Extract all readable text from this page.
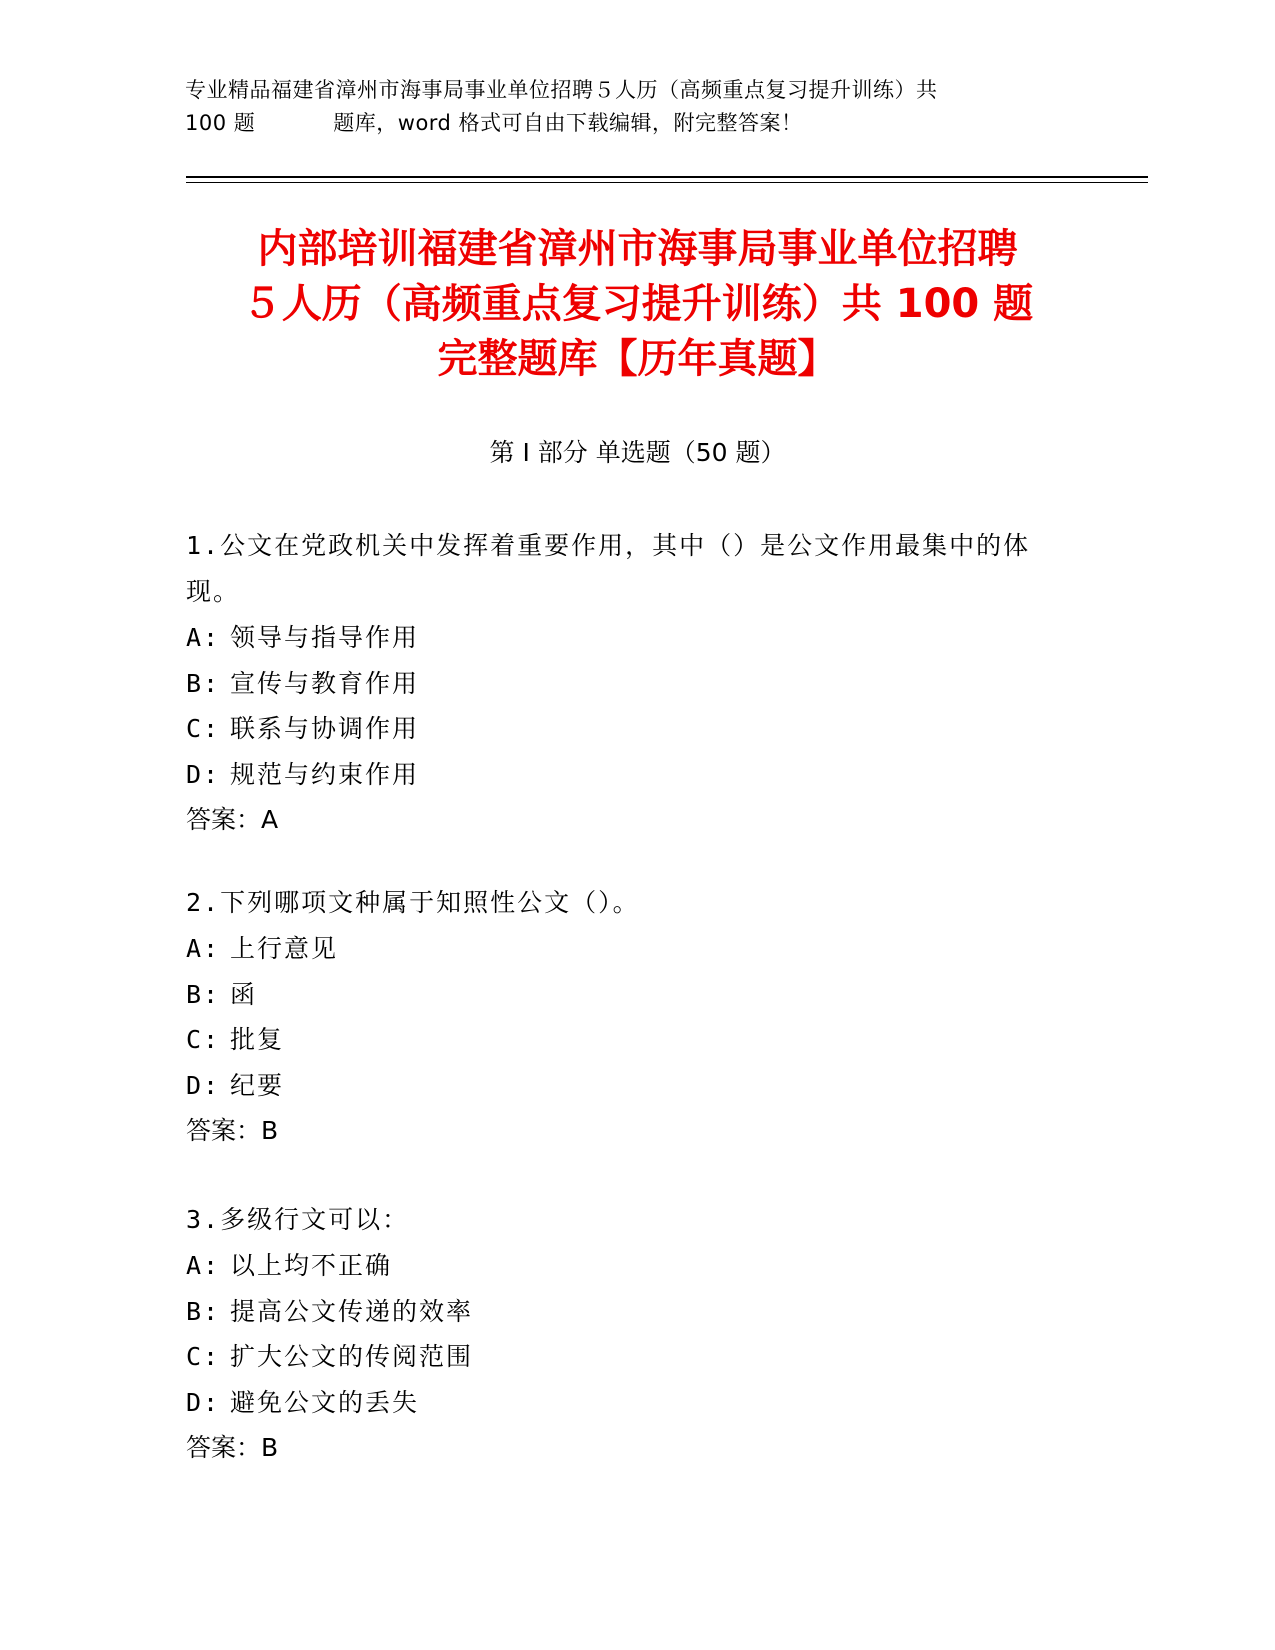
专业精品福建省漳州市海事局事业单位招聘５人历（高频重点复习提升训练）共
100 题	题库，word 格式可自由下载编辑，附完整答案！
内部培训福建省漳州市海事局事业单位招聘
５人历（高频重点复习提升训练）共 100 题
完整题库【历年真题】
第 I 部分 单选题（50 题）
1.公文在党政机关中发挥着重要作用，其中（）是公文作用最集中的体现。
A: 领导与指导作用
B: 宣传与教育作用
C: 联系与协调作用
D: 规范与约束作用
答案：A
2.下列哪项文种属于知照性公文（）。
A: 上行意见
B: 函
C: 批复
D: 纪要
答案：B
3.多级行文可以：
A: 以上均不正确
B: 提高公文传递的效率
C: 扩大公文的传阅范围
D: 避免公文的丢失
答案：B
